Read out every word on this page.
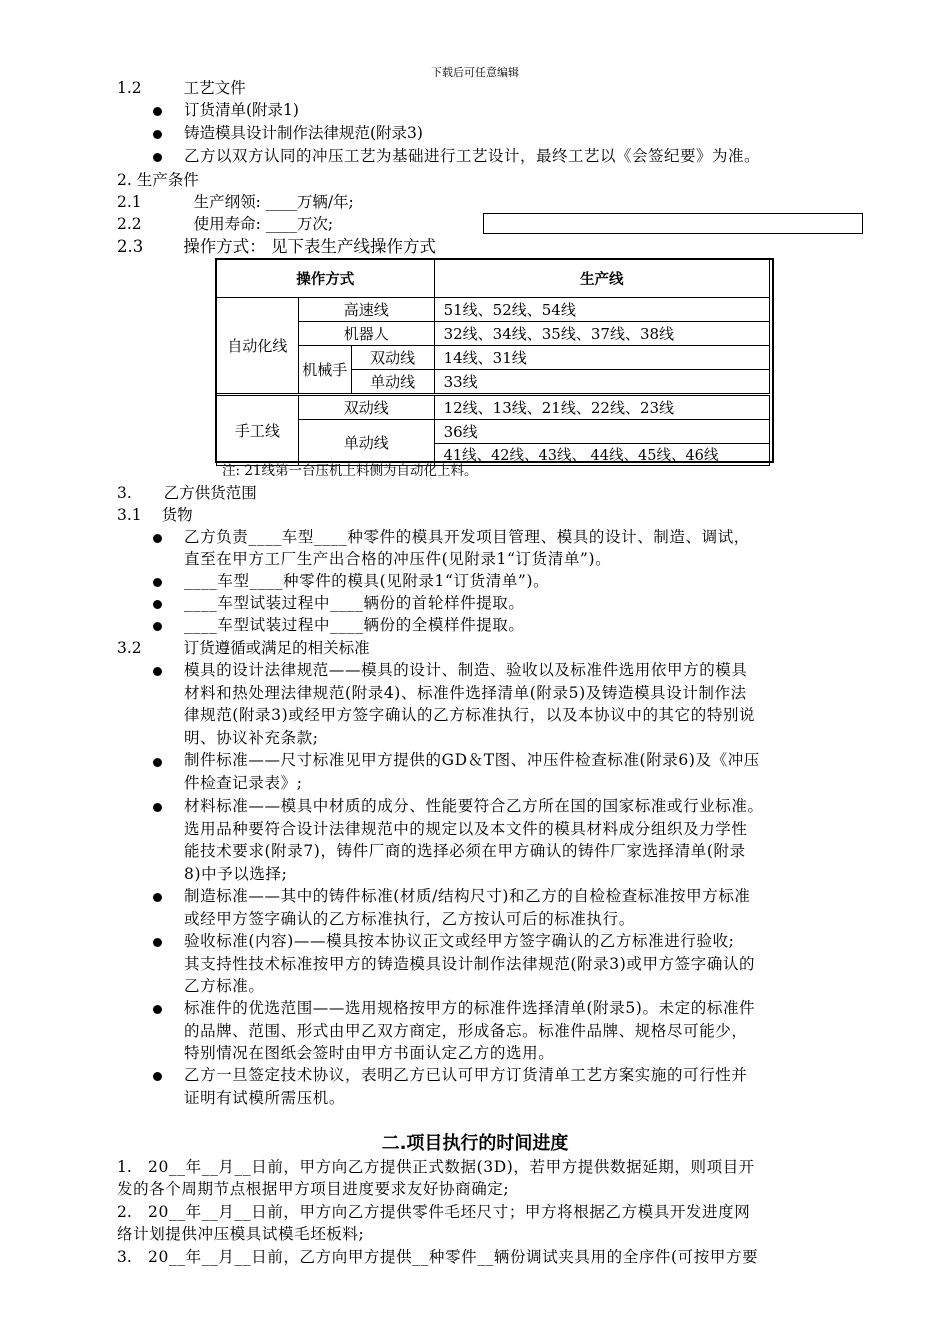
下载后可任意编辑
1.2	工艺文件
订货清单(附录1)
铸造模具设计制作法律规范(附录3)
乙方以双方认同的冲压工艺为基础进行工艺设计，最终工艺以《会签纪要》为准。
2. 生产条件
2.1	生产纲领: ____万辆/年;
2.2	使用寿命: ____万次;
2.3 操作方式： 见下表生产线操作方式
操作方式			生产线
自动化线	高速线		51线、52线、54线
	机器人		32线、34线、35线、37线、38线
	机械手	双动线	14线、31线
		单动线	33线
手工线	双动线		12线、13线、21线、22线、23线
	单动线		36线
			41线、42线、43线、 44线、45线、46线
注: 21线第一台压机上料侧为自动化上料。
3. 乙方供货范围
3.1 货物
乙方负责____车型____种零件的模具开发项目管理、模具的设计、制造、调试，
直至在甲方工厂生产出合格的冲压件(见附录1“订货清单”)。
____车型____种零件的模具(见附录1“订货清单”)。
____车型试装过程中____辆份的首轮样件提取。
____车型试装过程中____辆份的全模样件提取。
3.2	订货遵循或满足的相关标准
模具的设计法律规范——模具的设计、制造、验收以及标准件选用依甲方的模具
材料和热处理法律规范(附录4)、标准件选择清单(附录5)及铸造模具设计制作法
律规范(附录3)或经甲方签字确认的乙方标准执行，以及本协议中的其它的特别说
明、协议补充条款;
制件标准——尺寸标准见甲方提供的GD＆T图、冲压件检查标准(附录6)及《冲压
件检查记录表》;
材料标准——模具中材质的成分、性能要符合乙方所在国的国家标准或行业标准。
选用品种要符合设计法律规范中的规定以及本文件的模具材料成分组织及力学性
能技术要求(附录7)，铸件厂商的选择必须在甲方确认的铸件厂家选择清单(附录
8)中予以选择;
制造标准——其中的铸件标准(材质/结构尺寸)和乙方的自检检查标准按甲方标准
或经甲方签字确认的乙方标准执行，乙方按认可后的标准执行。
验收标准(内容)——模具按本协议正文或经甲方签字确认的乙方标准进行验收;
其支持性技术标准按甲方的铸造模具设计制作法律规范(附录3)或甲方签字确认的
乙方标准。
标准件的优选范围——选用规格按甲方的标准件选择清单(附录5)。未定的标准件
的品牌、范围、形式由甲乙双方商定，形成备忘。标准件品牌、规格尽可能少，
特别情况在图纸会签时由甲方书面认定乙方的选用。
乙方一旦签定技术协议，表明乙方已认可甲方订货清单工艺方案实施的可行性并
证明有试模所需压机。
二.项目执行的时间进度
1. 20__年__月__日前，甲方向乙方提供正式数据(3D)，若甲方提供数据延期，则项目开
发的各个周期节点根据甲方项目进度要求友好协商确定;
2. 20__年__月__日前，甲方向乙方提供零件毛坯尺寸；甲方将根据乙方模具开发进度网
络计划提供冲压模具试模毛坯板料;
3. 20__年__月__日前，乙方向甲方提供__种零件__辆份调试夹具用的全序件(可按甲方要
